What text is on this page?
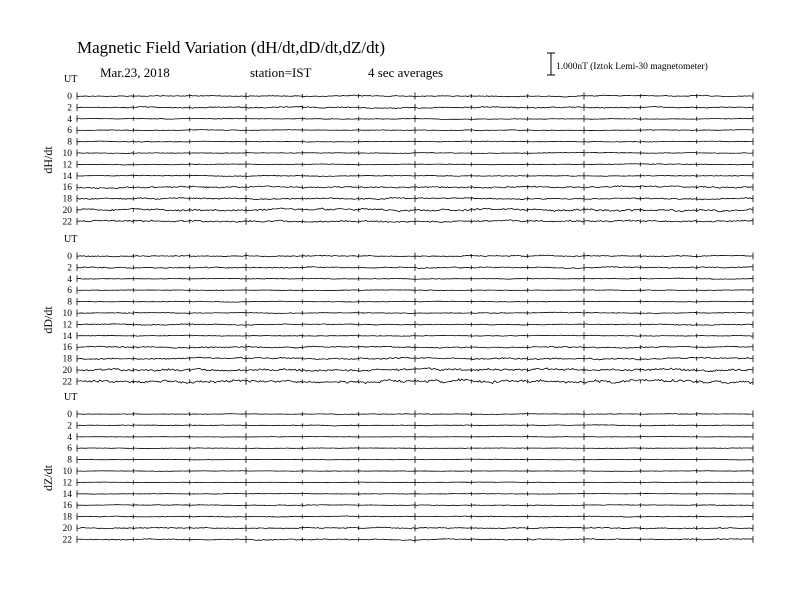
Magnetic Field Variation (dH/dt,dD/dt,dZ/dt)
Mar.23, 2018	station=IST	4 sec averages	1.000nT (Iztok Lemi-30 magnetometer)
UT
dH/dt
0
2
4
6
8
10
12
14
16
18
20
22
UT
dD/dt
0
2
4
6
8
10
12
14
16
18
20
22
UT
dZ/dt
0
2
4
6
8
10
12
14
16
18
20
22
